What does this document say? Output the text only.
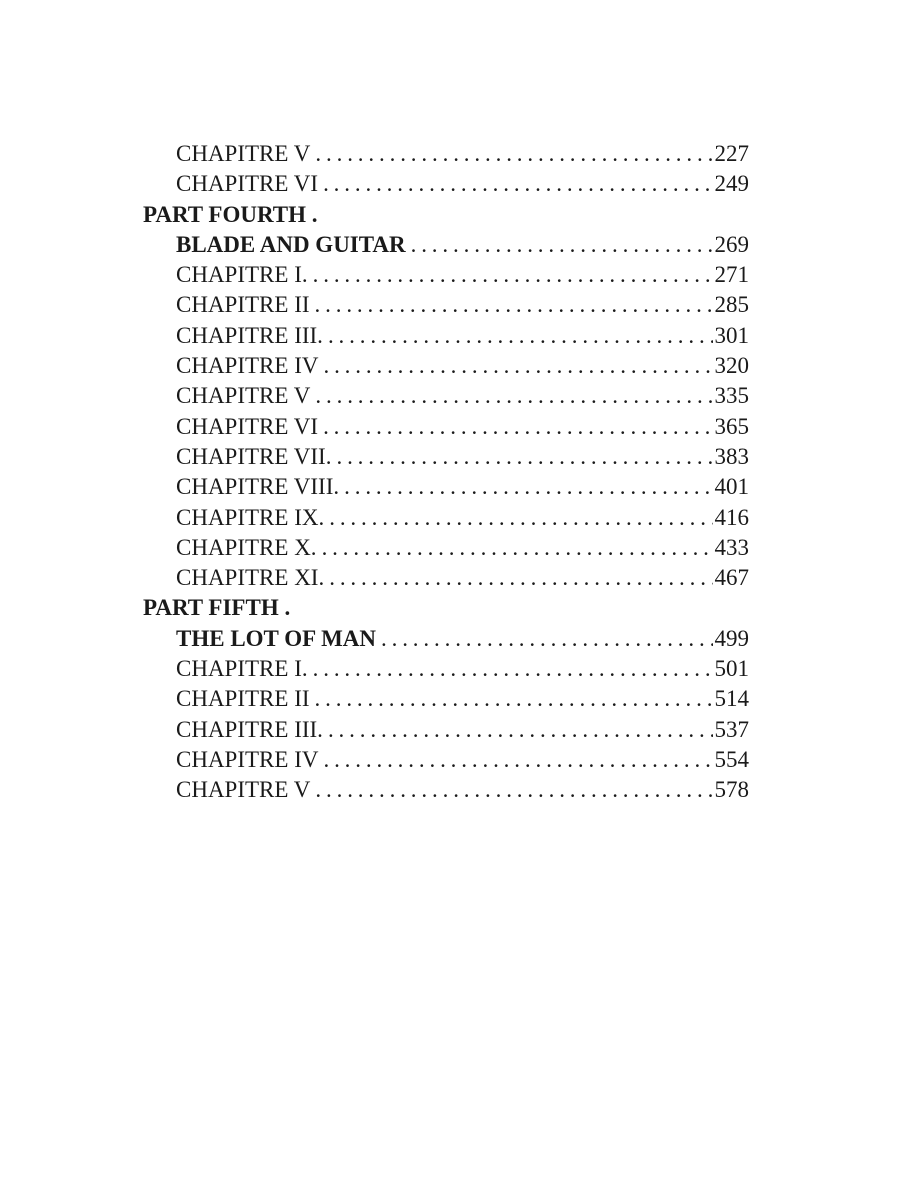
CHAPITRE V . . .	227
CHAPITRE VI . . .	249
PART FOURTH .
BLADE AND GUITAR . . .	269
CHAPITRE I. . . .	271
CHAPITRE II . . .	285
CHAPITRE III. . . .	301
CHAPITRE IV . . .	320
CHAPITRE V . . .	335
CHAPITRE VI . . .	365
CHAPITRE VII. . . .	383
CHAPITRE VIII. . . .	401
CHAPITRE IX. . . .	416
CHAPITRE X. . . .	433
CHAPITRE XI. . . .	467
PART FIFTH .
THE LOT OF MAN . . .	499
CHAPITRE I. . . .	501
CHAPITRE II . . .	514
CHAPITRE III. . . .	537
CHAPITRE IV . . .	554
CHAPITRE V . . .	578
